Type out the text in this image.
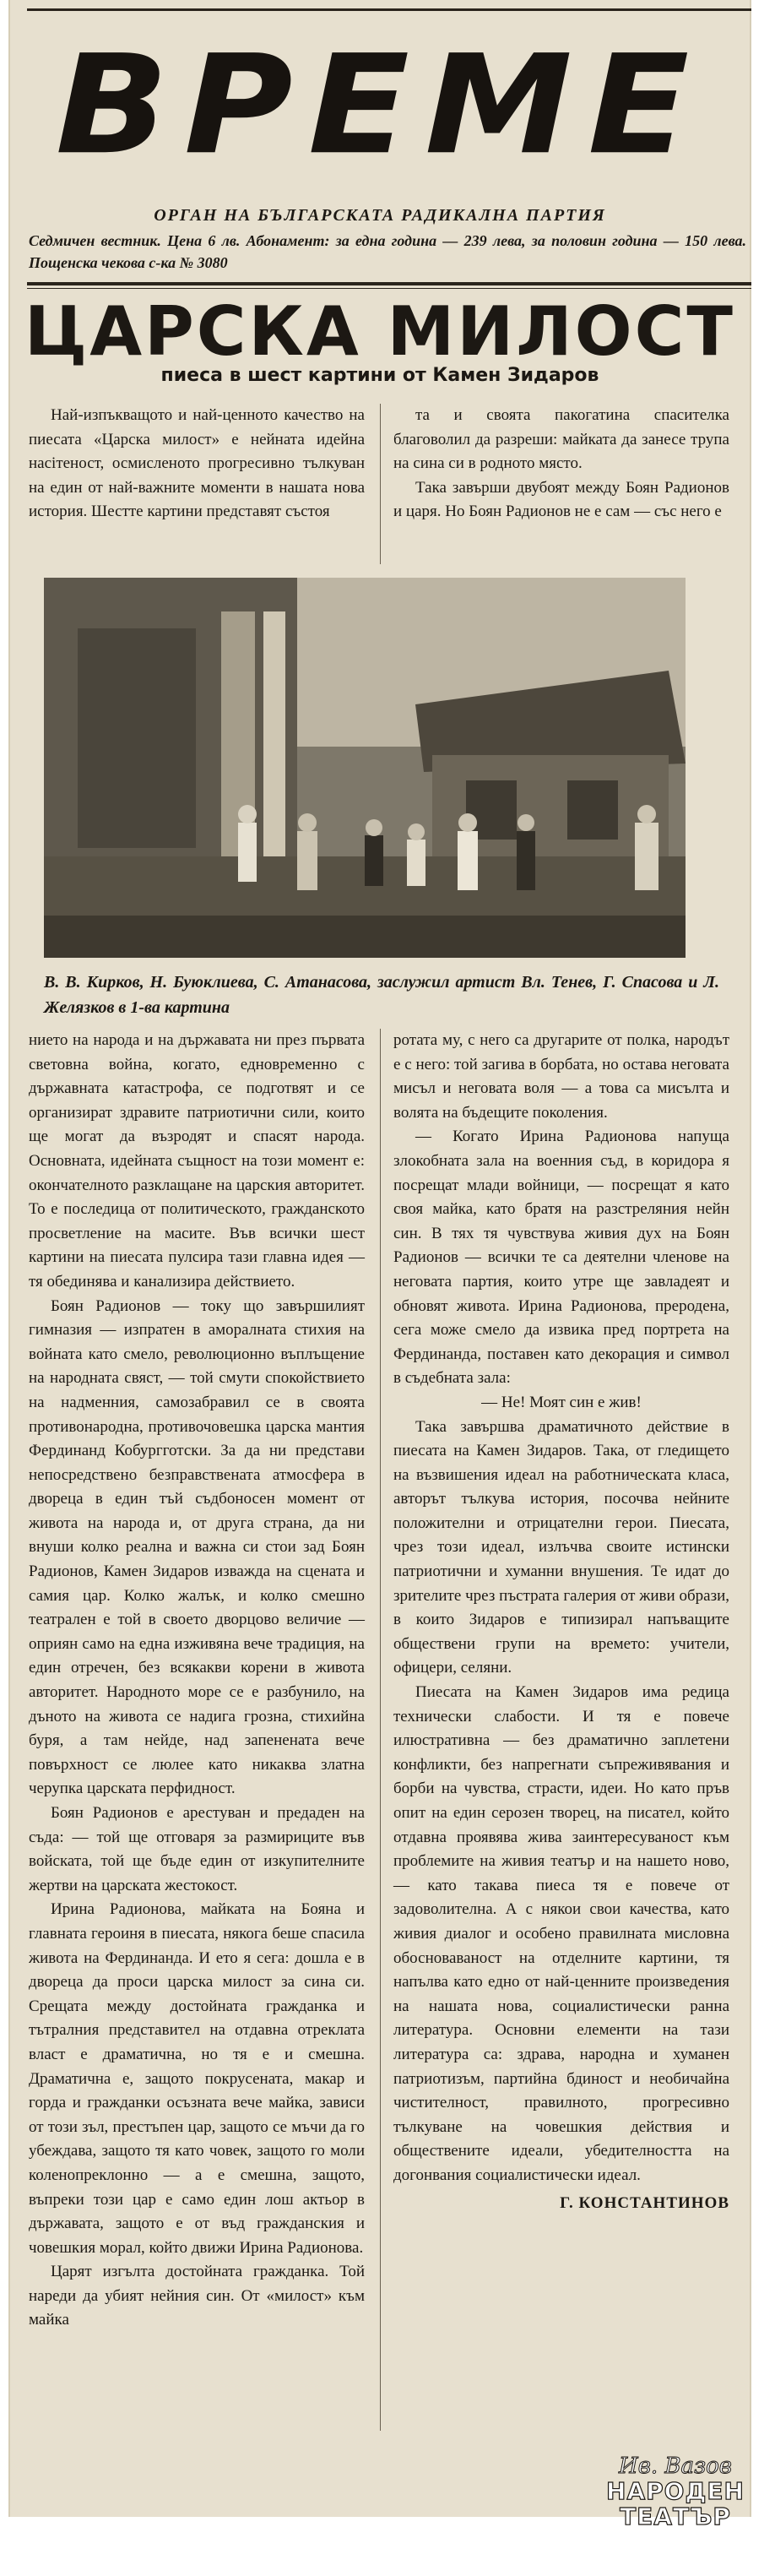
ВРЕМЕ
ОРГАН НА БЪЛГАРСКАТА РАДИКАЛНА ПАРТИЯ
Седмичен вестник. Цена 6 лв. Абонамент: за една година — 239 лева, за половин година — 150 лева. Пощенска чекова с-ка № 3080
ЦАРСКА МИЛОСТ
пиеса в шест картини от Камен Зидаров

Най-изпъкващото и най-ценното качество на пиесата «Царска милост» е нейната идейна насітеност, осмисленото прогресивно тълкуван на един от най-важните моменти в нашата нова история. Шестте картини представят състоя

та и своята пакогатина спасителка благоволил да разреши: майката да занесе трупа на сина си в родното място.

Така завърши двубоят между Боян Радионов и царя. Но Боян Радионов не е сам — със него е

В. В. Кирков, Н. Буюклиева, С. Атанасова, заслужил артист Вл. Тенев, Г. Спасова и Л. Желязков в 1-ва картина

нието на народа и на държавата ни през първата световна война, когато, едновременно с държавната катастрофа, се подготвят и се организират здравите патриотични сили, които ще могат да възродят и спасят народа. Основната, идейната същност на този момент е: окончателното разклащане на царския авторитет. То е последица от политическото, гражданското просветление на масите. Във всички шест картини на пиесата пулсира тази главна идея — тя обединява и канализира действието.

Боян Радионов — току що завършилият гимназия — изпратен в аморалната стихия на войната като смело, революционно въплъщение на народната свяст, — той смути спокойствието на надменния, самозабравил се в своята противонародна, противочовешка царска мантия Фердинанд Кобургготски. За да ни представи непосредствено безправствената атмосфера в двореца в един тъй съдбоносен момент от живота на народа и, от друга страна, да ни внуши колко реална и важна си стои зад Боян Радионов, Камен Зидаров изважда на сцената и самия цар. Колко жалък, и колко смешно театрален е той в своето дворцово величие — оприян само на една изживяна вече традиция, на един отречен, без всякакви корени в живота авторитет. Народното море се е разбунило, на дъното на живота се надига грозна, стихийна буря, а там нейде, над запенената вече повърхност се люлее като никаква златна черупка царската перфидност.

Боян Радионов е арестуван и предаден на съда: — той ще отговаря за размириците във войската, той ще бъде един от изкупителните жертви на царската жестокост.

Ирина Радионова, майката на Бояна и главната героиня в пиесата, някога беше спасила живота на Фердинанда. И ето я сега: дошла е в двореца да проси царска милост за сина си. Срещата между достойната гражданка и тътралния представител на отдавна отреклата власт е драматична, но тя е и смешна. Драматична е, защото покрусената, макар и горда и гражданки осъзната вече майка, зависи от този зъл, престъпен цар, защото се мъчи да го убеждава, защото тя като човек, защото го моли коленопреклонно — а е смешна, защото, въпреки този цар е само един лош актьор в държавата, защото е от въд гражданския и човешкия морал, който движи Ирина Радионова.

Царят изгълта достойната гражданка. Той нареди да убият нейния син. От «милост» към майка

ротата му, с него са другарите от полка, народът е с него: той загива в борбата, но остава неговата мисъл и неговата воля — а това са мисълта и волята на бъдещите поколения.

— Когато Ирина Радионова напуща злокобната зала на военния съд, в коридора я посрещат млади войници, — посрещат я като своя майка, като братя на разстреляния нейн син. В тях тя чувствува живия дух на Боян Радионов — всички те са деятелни членове на неговата партия, които утре ще завладеят и обновят живота. Ирина Радионова, преродена, сега може смело да извика пред портрета на Фердинанда, поставен като декорация и символ в съдебната зала:

— Не! Моят син е жив!

Така завършва драматичното действие в пиесата на Камен Зидаров. Така, от гледището на възвишения идеал на работническата класа, авторът тълкува история, посочва нейните положителни и отрицателни герои. Пиесата, чрез този идеал, излъчва своите истински патриотични и хуманни внушения. Те идат до зрителите чрез пъстрата галерия от живи образи, в които Зидаров е типизирал напъващите обществени групи на времето: учители, офицери, селяни.

Пиесата на Камен Зидаров има редица технически слабости. И тя е повече илюстративна — без драматично заплетени конфликти, без напрегнати съпреживявания и борби на чувства, страсти, идеи. Но като пръв опит на един серозен творец, на писател, който отдавна проявява жива заинтересуваност към проблемите на живия театър и на нашето ново, — като такава пиеса тя е повече от задоволителна. А с някои свои качества, като живия диалог и особено правилната мисловна обосноваваност на отделните картини, тя напълва като едно от най-ценните произведения на нашата нова, социалистически ранна литература. Основни елементи на тази литература са: здрава, народна и хуманен патриотизъм, партийна бдиност и необичайна чистителност, правилното, прогресивно тълкуване на човешкия действия и обществените идеали, убедителността на догонвания социалистически идеал.

Г. КОНСТАНТИНОВ

Ив. Вазов
НАРОДЕН
ТЕАТЪР
